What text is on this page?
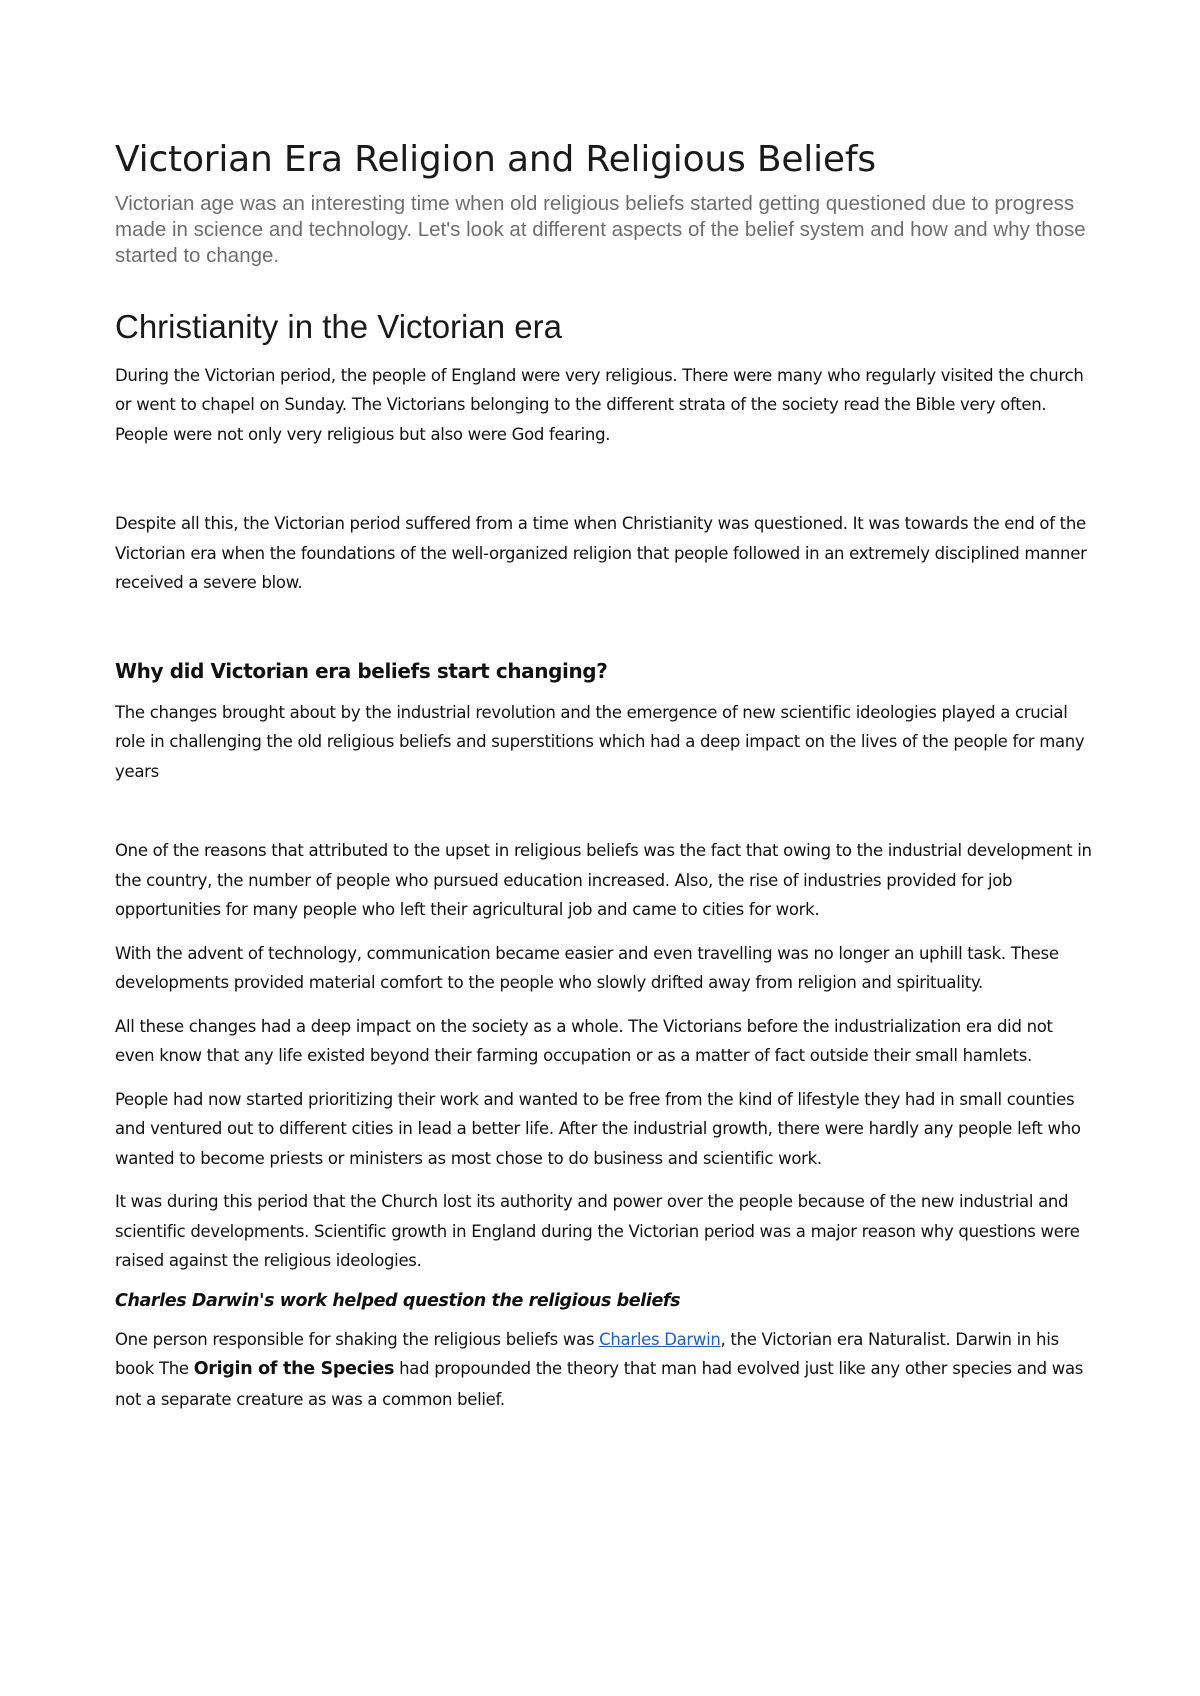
Victorian Era Religion and Religious Beliefs

Victorian age was an interesting time when old religious beliefs started getting questioned due to progress made in science and technology. Let's look at different aspects of the belief system and how and why those started to change.

Christianity in the Victorian era

During the Victorian period, the people of England were very religious. There were many who regularly visited the church or went to chapel on Sunday. The Victorians belonging to the different strata of the society read the Bible very often. People were not only very religious but also were God fearing.

Despite all this, the Victorian period suffered from a time when Christianity was questioned. It was towards the end of the Victorian era when the foundations of the well-organized religion that people followed in an extremely disciplined manner received a severe blow.

Why did Victorian era beliefs start changing?

The changes brought about by the industrial revolution and the emergence of new scientific ideologies played a crucial role in challenging the old religious beliefs and superstitions which had a deep impact on the lives of the people for many years

One of the reasons that attributed to the upset in religious beliefs was the fact that owing to the industrial development in the country, the number of people who pursued education increased. Also, the rise of industries provided for job opportunities for many people who left their agricultural job and came to cities for work.

With the advent of technology, communication became easier and even travelling was no longer an uphill task. These developments provided material comfort to the people who slowly drifted away from religion and spirituality.

All these changes had a deep impact on the society as a whole. The Victorians before the industrialization era did not even know that any life existed beyond their farming occupation or as a matter of fact outside their small hamlets.

People had now started prioritizing their work and wanted to be free from the kind of lifestyle they had in small counties and ventured out to different cities in lead a better life. After the industrial growth, there were hardly any people left who wanted to become priests or ministers as most chose to do business and scientific work.

It was during this period that the Church lost its authority and power over the people because of the new industrial and scientific developments. Scientific growth in England during the Victorian period was a major reason why questions were raised against the religious ideologies.

Charles Darwin's work helped question the religious beliefs

One person responsible for shaking the religious beliefs was Charles Darwin, the Victorian era Naturalist. Darwin in his book The Origin of the Species had propounded the theory that man had evolved just like any other species and was not a separate creature as was a common belief.
